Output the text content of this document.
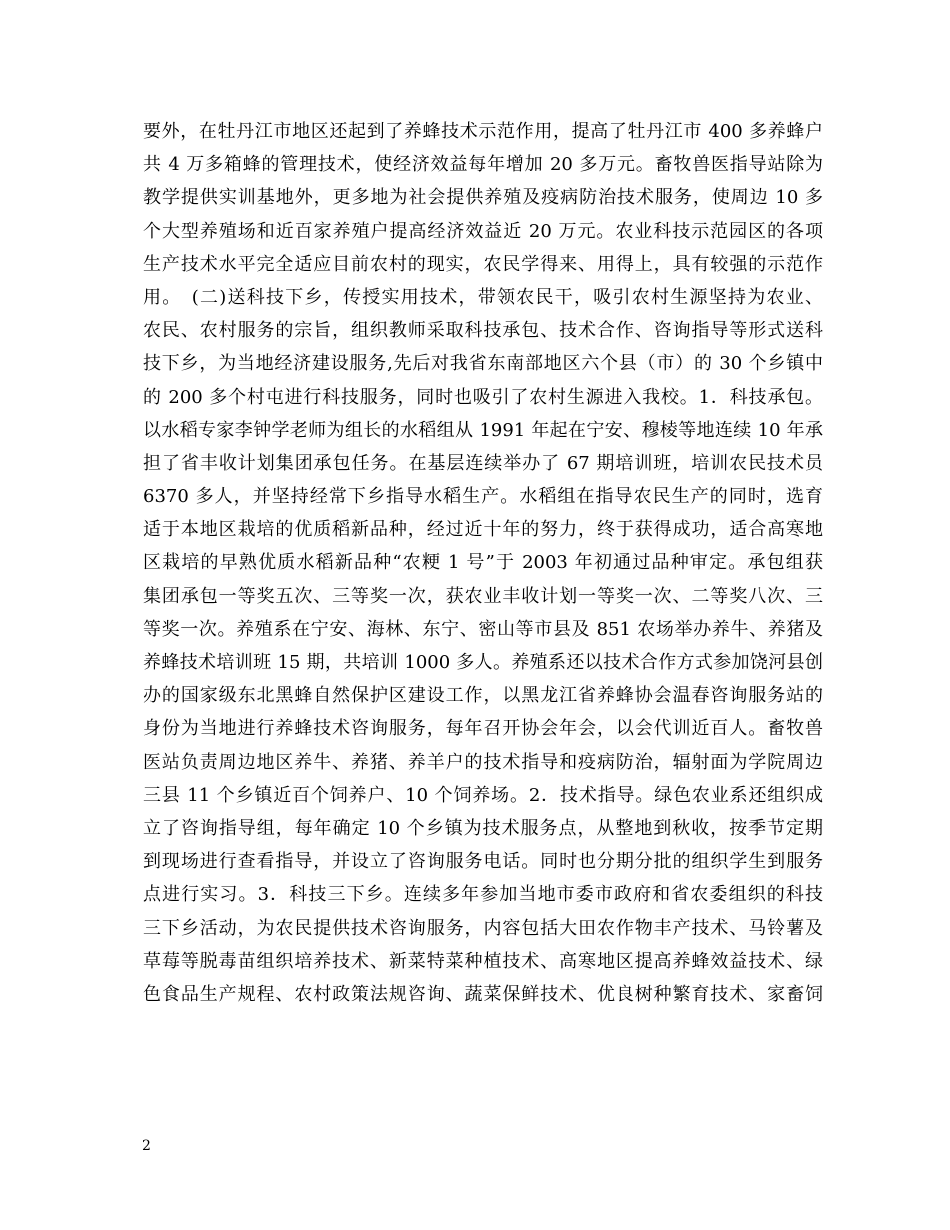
要外，在牡丹江市地区还起到了养蜂技术示范作用，提高了牡丹江市 400 多养蜂户
共 4 万多箱蜂的管理技术，使经济效益每年增加 20 多万元。畜牧兽医指导站除为
教学提供实训基地外，更多地为社会提供养殖及疫病防治技术服务，使周边 10 多
个大型养殖场和近百家养殖户提高经济效益近 20 万元。农业科技示范园区的各项
生产技术水平完全适应目前农村的现实，农民学得来、用得上，具有较强的示范作
用。　(二)送科技下乡，传授实用技术，带领农民干，吸引农村生源坚持为农业、
农民、农村服务的宗旨，组织教师采取科技承包、技术合作、咨询指导等形式送科
技下乡，为当地经济建设服务,先后对我省东南部地区六个县（市）的 30 个乡镇中
的 200 多个村屯进行科技服务，同时也吸引了农村生源进入我校。1．科技承包。
以水稻专家李钟学老师为组长的水稻组从 1991 年起在宁安、穆棱等地连续 10 年承
担了省丰收计划集团承包任务。在基层连续举办了 67 期培训班，培训农民技术员
6370 多人，并坚持经常下乡指导水稻生产。水稻组在指导农民生产的同时，选育
适于本地区栽培的优质稻新品种，经过近十年的努力，终于获得成功，适合高寒地
区栽培的早熟优质水稻新品种“农粳 1 号”于 2003 年初通过品种审定。承包组获
集团承包一等奖五次、三等奖一次，获农业丰收计划一等奖一次、二等奖八次、三
等奖一次。养殖系在宁安、海林、东宁、密山等市县及 851 农场举办养牛、养猪及
养蜂技术培训班 15 期，共培训 1000 多人。养殖系还以技术合作方式参加饶河县创
办的国家级东北黑蜂自然保护区建设工作，以黑龙江省养蜂协会温春咨询服务站的
身份为当地进行养蜂技术咨询服务，每年召开协会年会，以会代训近百人。畜牧兽
医站负责周边地区养牛、养猪、养羊户的技术指导和疫病防治，辐射面为学院周边
三县 11 个乡镇近百个饲养户、10 个饲养场。2．技术指导。绿色农业系还组织成
立了咨询指导组，每年确定 10 个乡镇为技术服务点，从整地到秋收，按季节定期
到现场进行查看指导，并设立了咨询服务电话。同时也分期分批的组织学生到服务
点进行实习。3．科技三下乡。连续多年参加当地市委市政府和省农委组织的科技
三下乡活动，为农民提供技术咨询服务，内容包括大田农作物丰产技术、马铃薯及
草莓等脱毒苗组织培养技术、新菜特菜种植技术、高寒地区提高养蜂效益技术、绿
色食品生产规程、农村政策法规咨询、蔬菜保鲜技术、优良树种繁育技术、家畜饲
2
